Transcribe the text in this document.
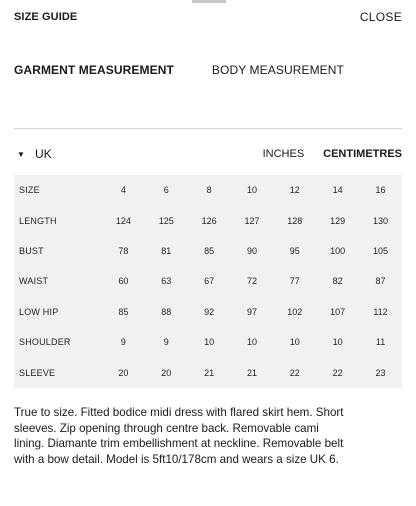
SIZE GUIDE	CLOSE
GARMENT MEASUREMENT	BODY MEASUREMENT
▼ UK	INCHES CENTIMETRES
SIZE	4	6	8	10	12	14	16
LENGTH	124	125	126	127	128	129	130
BUST	78	81	85	90	95	100	105
WAIST	60	63	67	72	77	82	87
LOW HIP	85	88	92	97	102	107	112
SHOULDER	9	9	10	10	10	10	11
SLEEVE	20	20	21	21	22	22	23

True to size. Fitted bodice midi dress with flared skirt hem. Short sleeves. Zip opening through centre back. Removable cami lining. Diamante trim embellishment at neckline. Removable belt with a bow detail. Model is 5ft10/178cm and wears a size UK 6.
